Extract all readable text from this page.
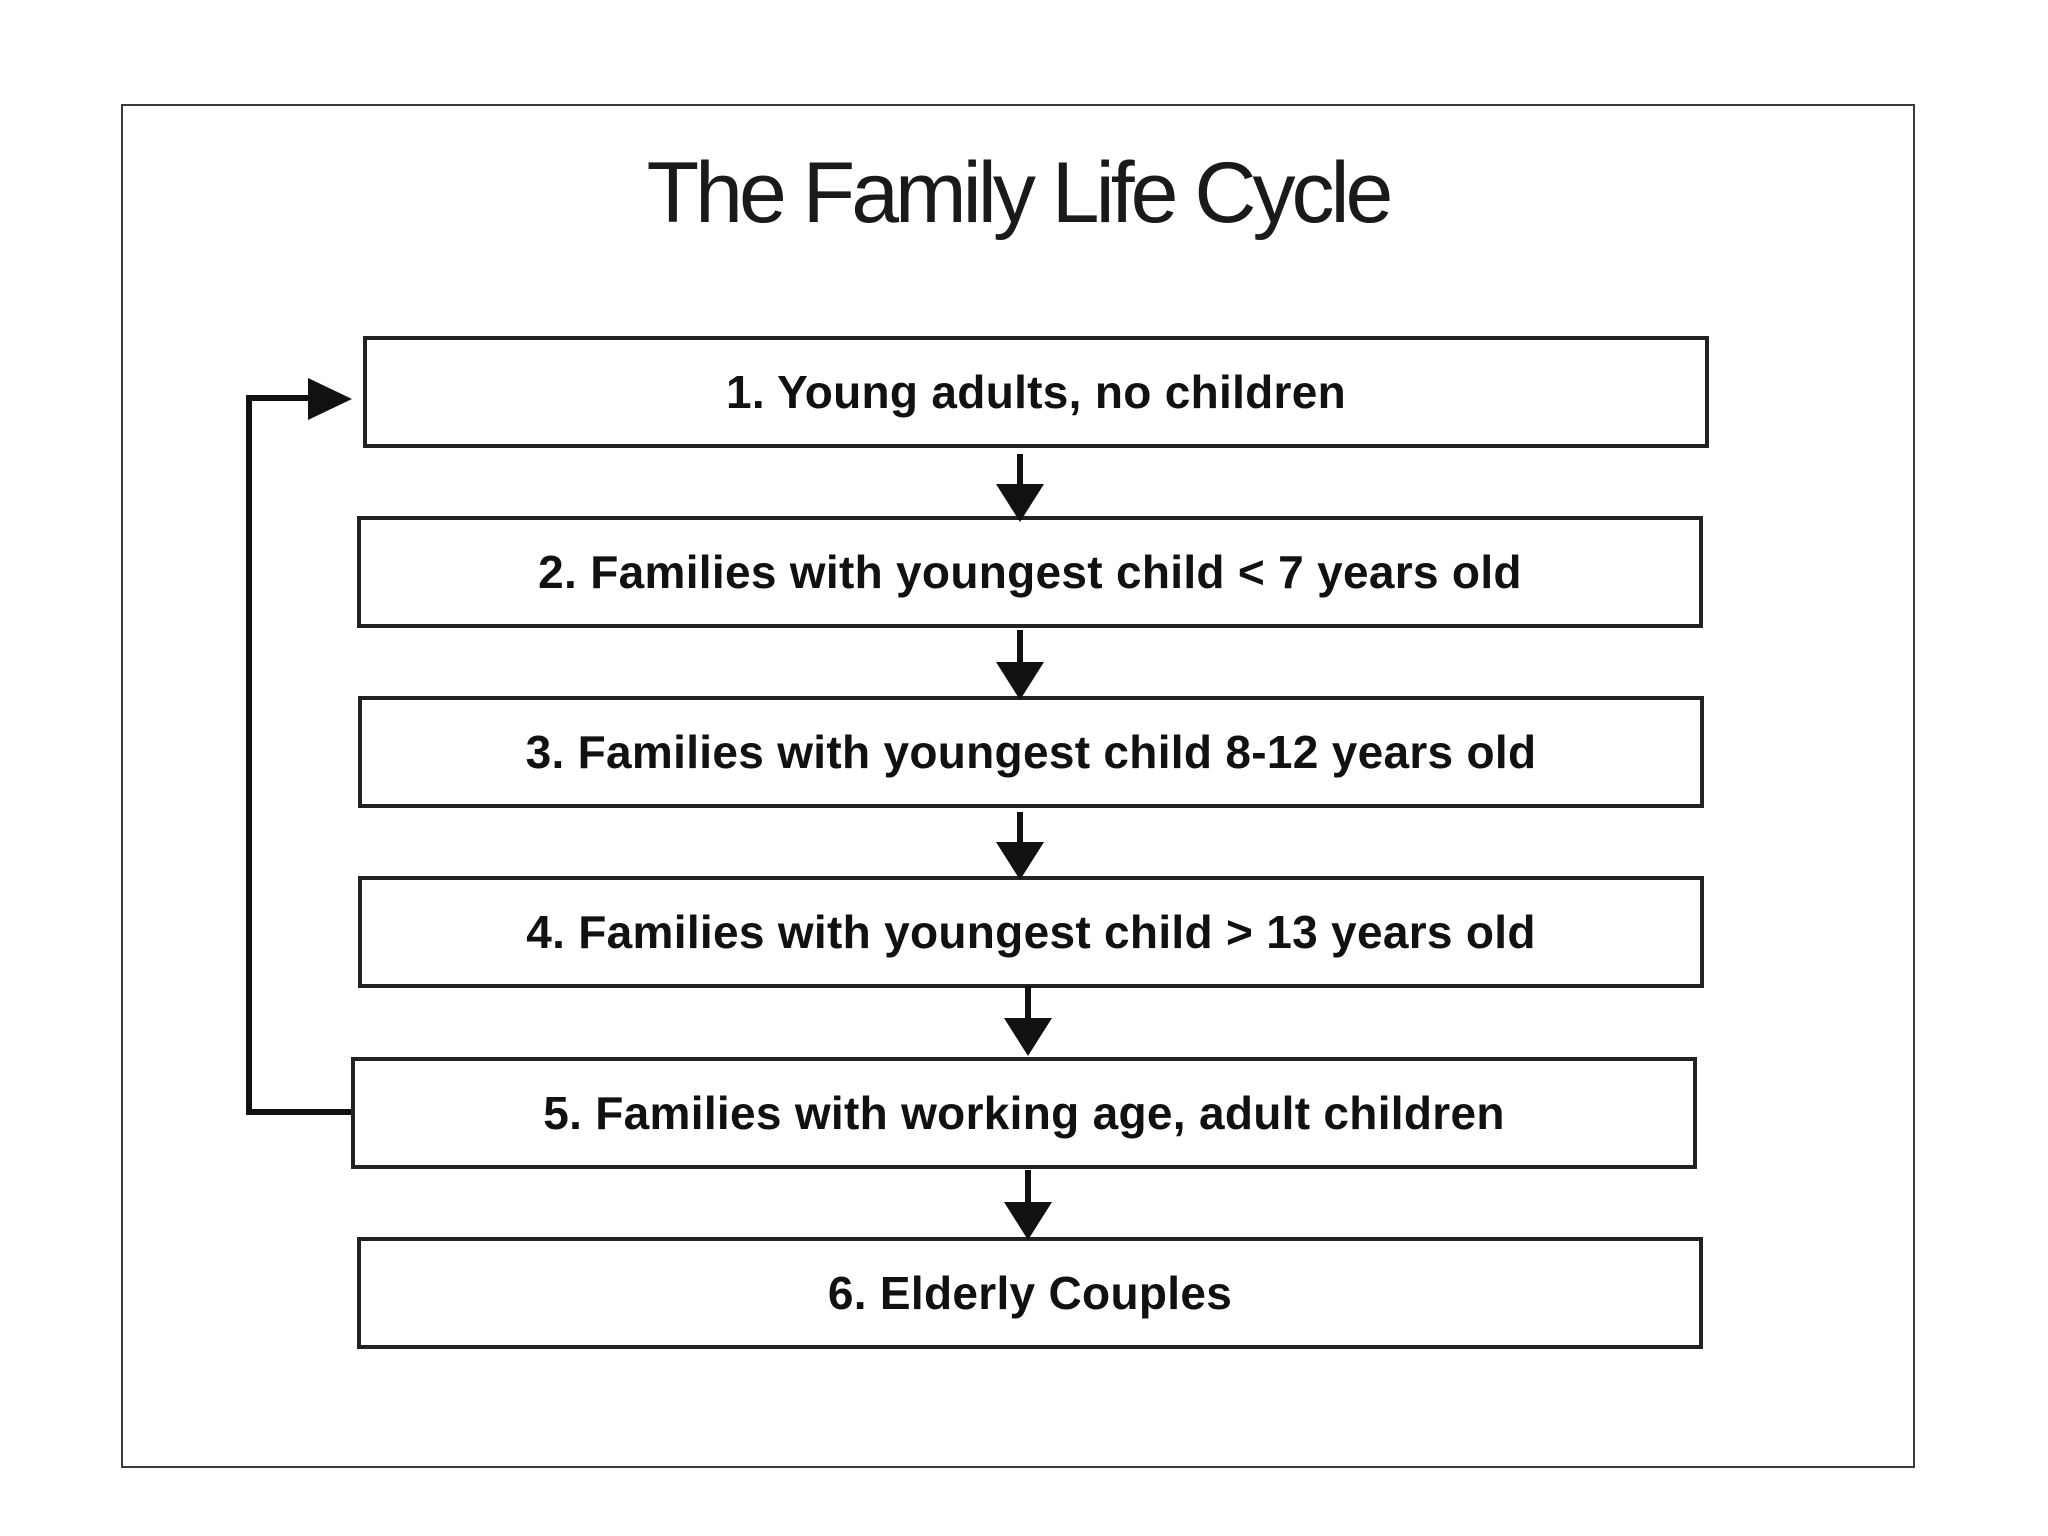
The Family Life Cycle
1. Young adults, no children
2. Families with youngest child < 7 years old
3. Families with youngest child 8-12 years old
4. Families with youngest child > 13 years old
5. Families with working age, adult children
6. Elderly Couples
